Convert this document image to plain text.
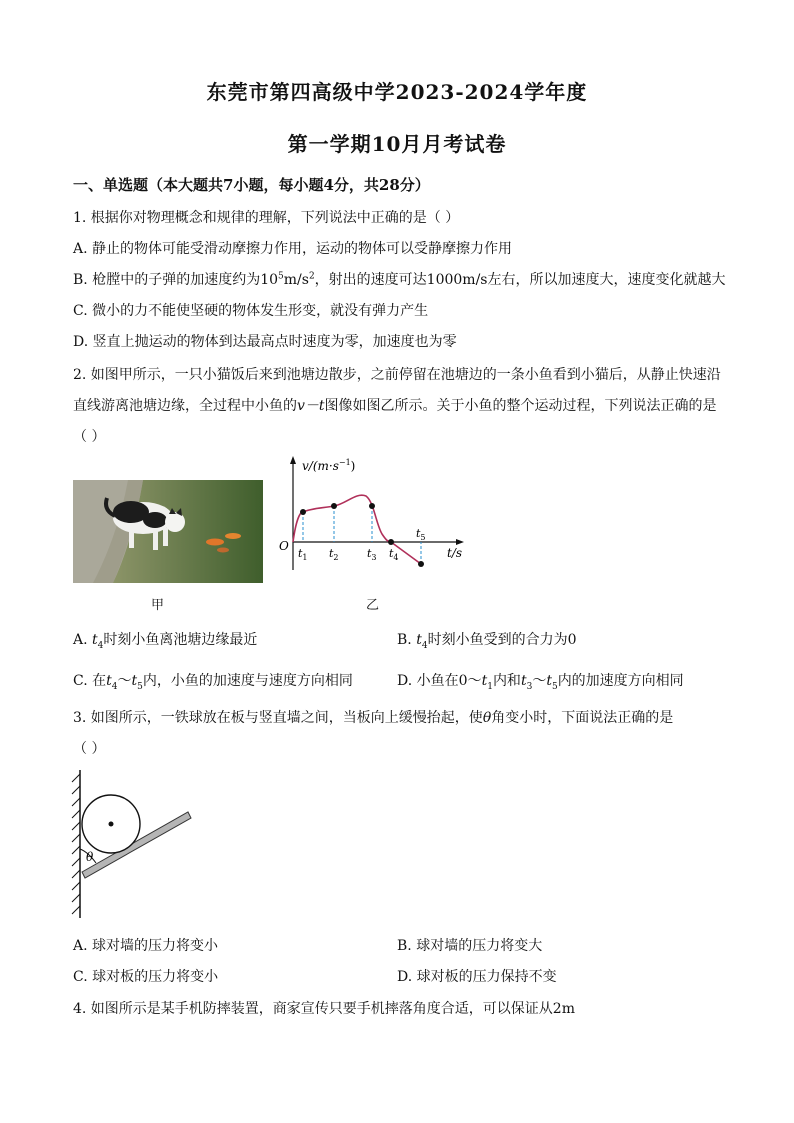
东莞市第四高级中学2023-2024学年度
第一学期10月月考试卷
一、单选题（本大题共7小题，每小题4分，共28分）
1. 根据你对物理概念和规律的理解，下列说法中正确的是（ ）
A. 静止的物体可能受滑动摩擦力作用，运动的物体可以受静摩擦力作用
B. 枪膛中的子弹的加速度约为$10^5m/s^2$，射出的速度可达1000m/s左右，所以加速度大，速度变化就越大
C. 微小的力不能使坚硬的物体发生形变，就没有弹力产生
D. 竖直上抛运动的物体到达最高点时速度为零，加速度也为零
2. 如图甲所示，一只小猫饭后来到池塘边散步，之前停留在池塘边的一条小鱼看到小猫后，从静止快速沿
直线游离池塘边缘，全过程中小鱼的v－t图像如图乙所示。关于小鱼的整个运动过程，下列说法正确的是
（ ）
甲
$v/(m\cdot s^{-1})$
O	t/s
$t_1$ $t_2$	$t_3$ $t_4$
$t_5$
乙
A. $t_4$时刻小鱼离池塘边缘最近	B. $t_4$时刻小鱼受到的合力为0
C. 在$t_4\sim t_5$内，小鱼的加速度与速度方向相同	D. 小鱼在$0\sim t_1$内和$t_3\sim t_5$内的加速度方向相同
3. 如图所示，一铁球放在板与竖直墙之间，当板向上缓慢抬起，使θ角变小时，下面说法正确的是
（ ）
θ
A. 球对墙的压力将变小	B. 球对墙的压力将变大
C. 球对板的压力将变小	D. 球对板的压力保持不变
4. 如图所示是某手机防摔装置，商家宣传只要手机摔落角度合适，可以保证从2m
